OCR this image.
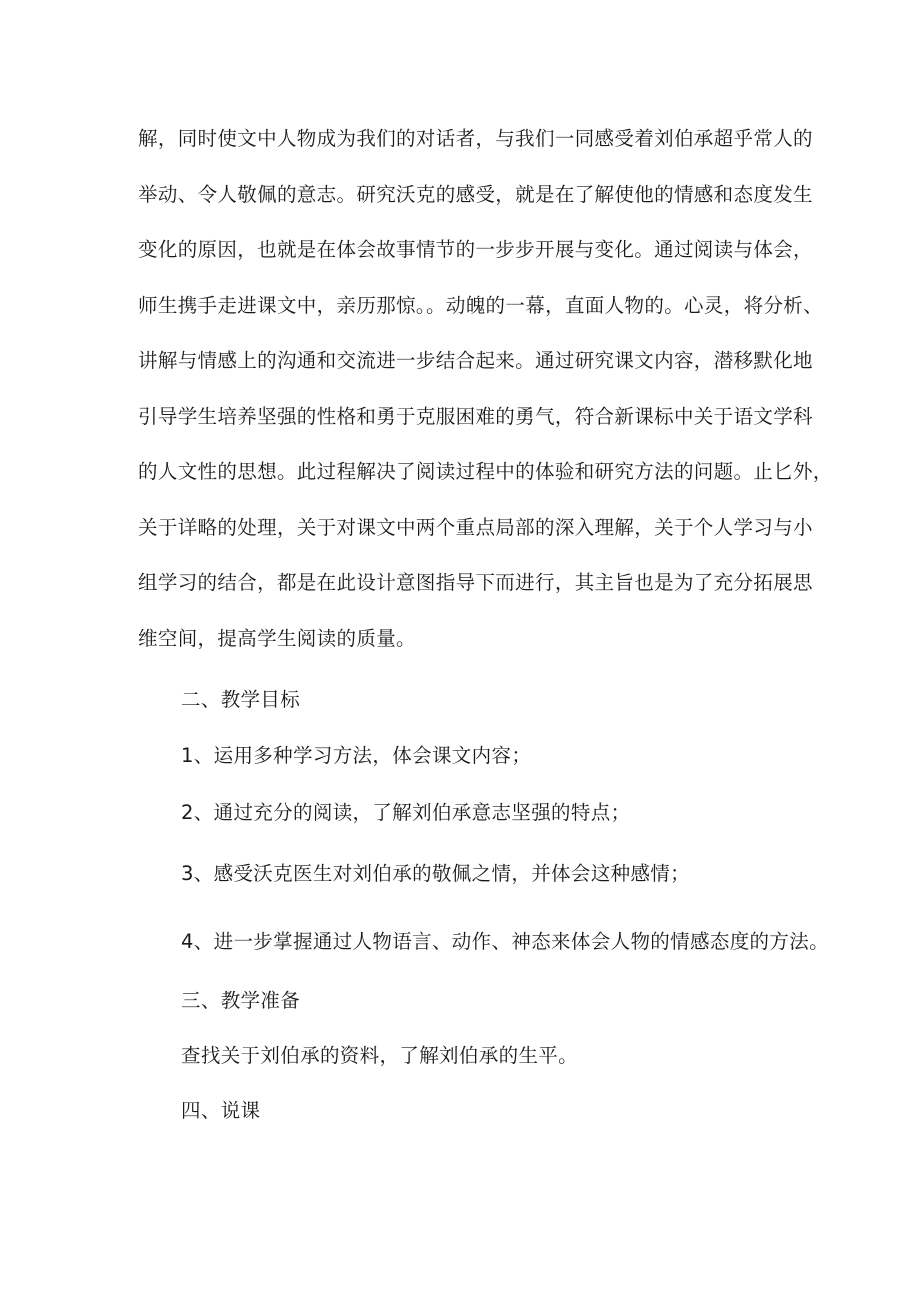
解，同时使文中人物成为我们的对话者，与我们一同感受着刘伯承超乎常人的

举动、令人敬佩的意志。研究沃克的感受，就是在了解使他的情感和态度发生

变化的原因，也就是在体会故事情节的一步步开展与变化。通过阅读与体会，

师生携手走进课文中，亲历那惊。。动魄的一幕，直面人物的。心灵，将分析、

讲解与情感上的沟通和交流进一步结合起来。通过研究课文内容，潜移默化地

引导学生培养坚强的性格和勇于克服困难的勇气，符合新课标中关于语文学科

的人文性的思想。此过程解决了阅读过程中的体验和研究方法的问题。止匕外，

关于详略的处理，关于对课文中两个重点局部的深入理解，关于个人学习与小

组学习的结合，都是在此设计意图指导下而进行，其主旨也是为了充分拓展思

维空间，提高学生阅读的质量。

二、教学目标

1、运用多种学习方法，体会课文内容；

2、通过充分的阅读，了解刘伯承意志坚强的特点；

3、感受沃克医生对刘伯承的敬佩之情，并体会这种感情；

4、进一步掌握通过人物语言、动作、神态来体会人物的情感态度的方法。

三、教学准备

查找关于刘伯承的资料，了解刘伯承的生平。

四、说课
